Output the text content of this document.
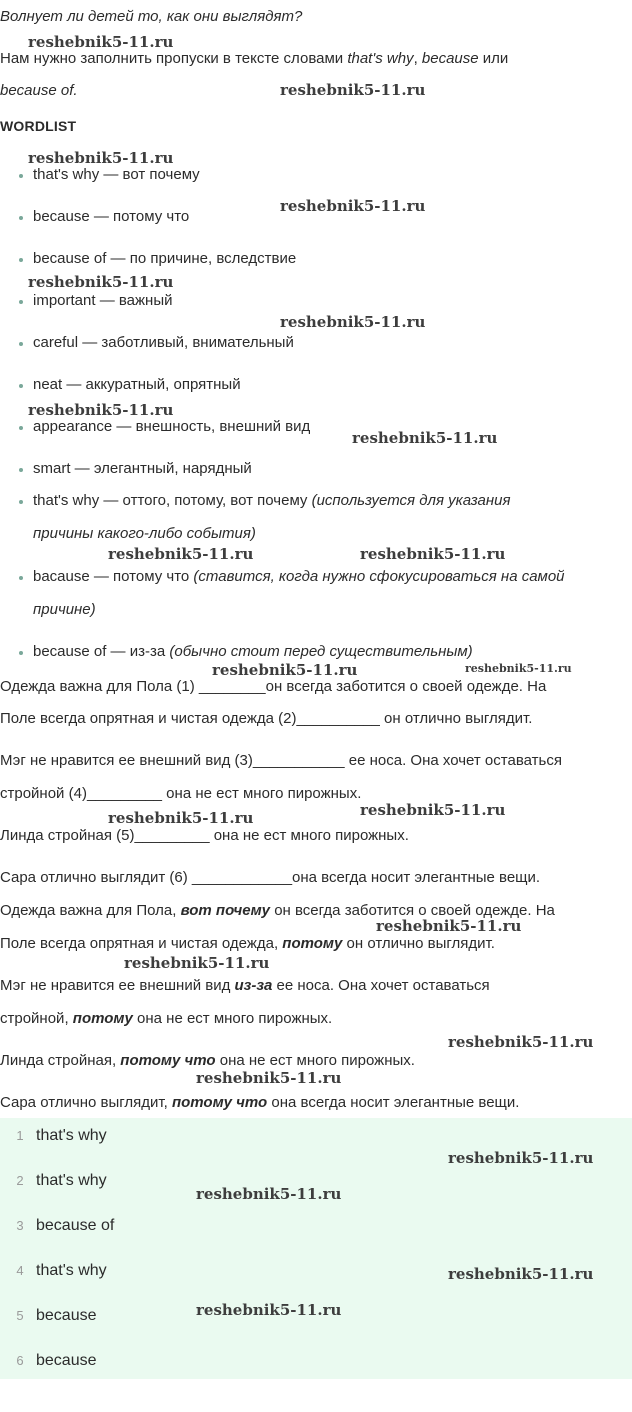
Волнует ли детей то, как они выглядят?
Нам нужно заполнить пропуски в тексте словами that's why, because или
because of.
WORDLIST
that's why — вот почему
because — потому что
because of — по причине, вследствие
important — важный
careful — заботливый, внимательный
neat — аккуратный, опрятный
appearance — внешность, внешний вид
smart — элегантный, нарядный
that's why — оттого, потому, вот почему (используется для указания
причины какого-либо события)
bacause — потому что (ставится, когда нужно сфокусироваться на самой
причине)
because of — из-за (обычно стоит перед существительным)
Одежда важна для Пола (1) ________он всегда заботится о своей одежде. На
Поле всегда опрятная и чистая одежда (2)__________ он отлично выглядит.
Мэг не нравится ее внешний вид (3)___________ ее носа. Она хочет оставаться
стройной (4)_________ она не ест много пирожных.
Линда стройная (5)_________ она не ест много пирожных.
Сара отлично выглядит (6) ____________она всегда носит элегантные вещи.
Одежда важна для Пола, вот почему он всегда заботится о своей одежде. На
Поле всегда опрятная и чистая одежда, потому он отлично выглядит.
Мэг не нравится ее внешний вид из-за ее носа. Она хочет оставаться
стройной, потому она не ест много пирожных.
Линда стройная, потому что она не ест много пирожных.
Сара отлично выглядит, потому что она всегда носит элегантные вещи.
1 that's why
2 that's why
3 because of
4 that's why
5 because
6 because
reshebnik5-11.ru
reshebnik5-11.ru
reshebnik5-11.ru
reshebnik5-11.ru
reshebnik5-11.ru
reshebnik5-11.ru
reshebnik5-11.ru
reshebnik5-11.ru
reshebnik5-11.ru	reshebnik5-11.ru
reshebnik5-11.ru	reshebnik5-11.ru
reshebnik5-11.ru
reshebnik5-11.ru
reshebnik5-11.ru
reshebnik5-11.ru
reshebnik5-11.ru
reshebnik5-11.ru
reshebnik5-11.ru
reshebnik5-11.ru
reshebnik5-11.ru
reshebnik5-11.ru
